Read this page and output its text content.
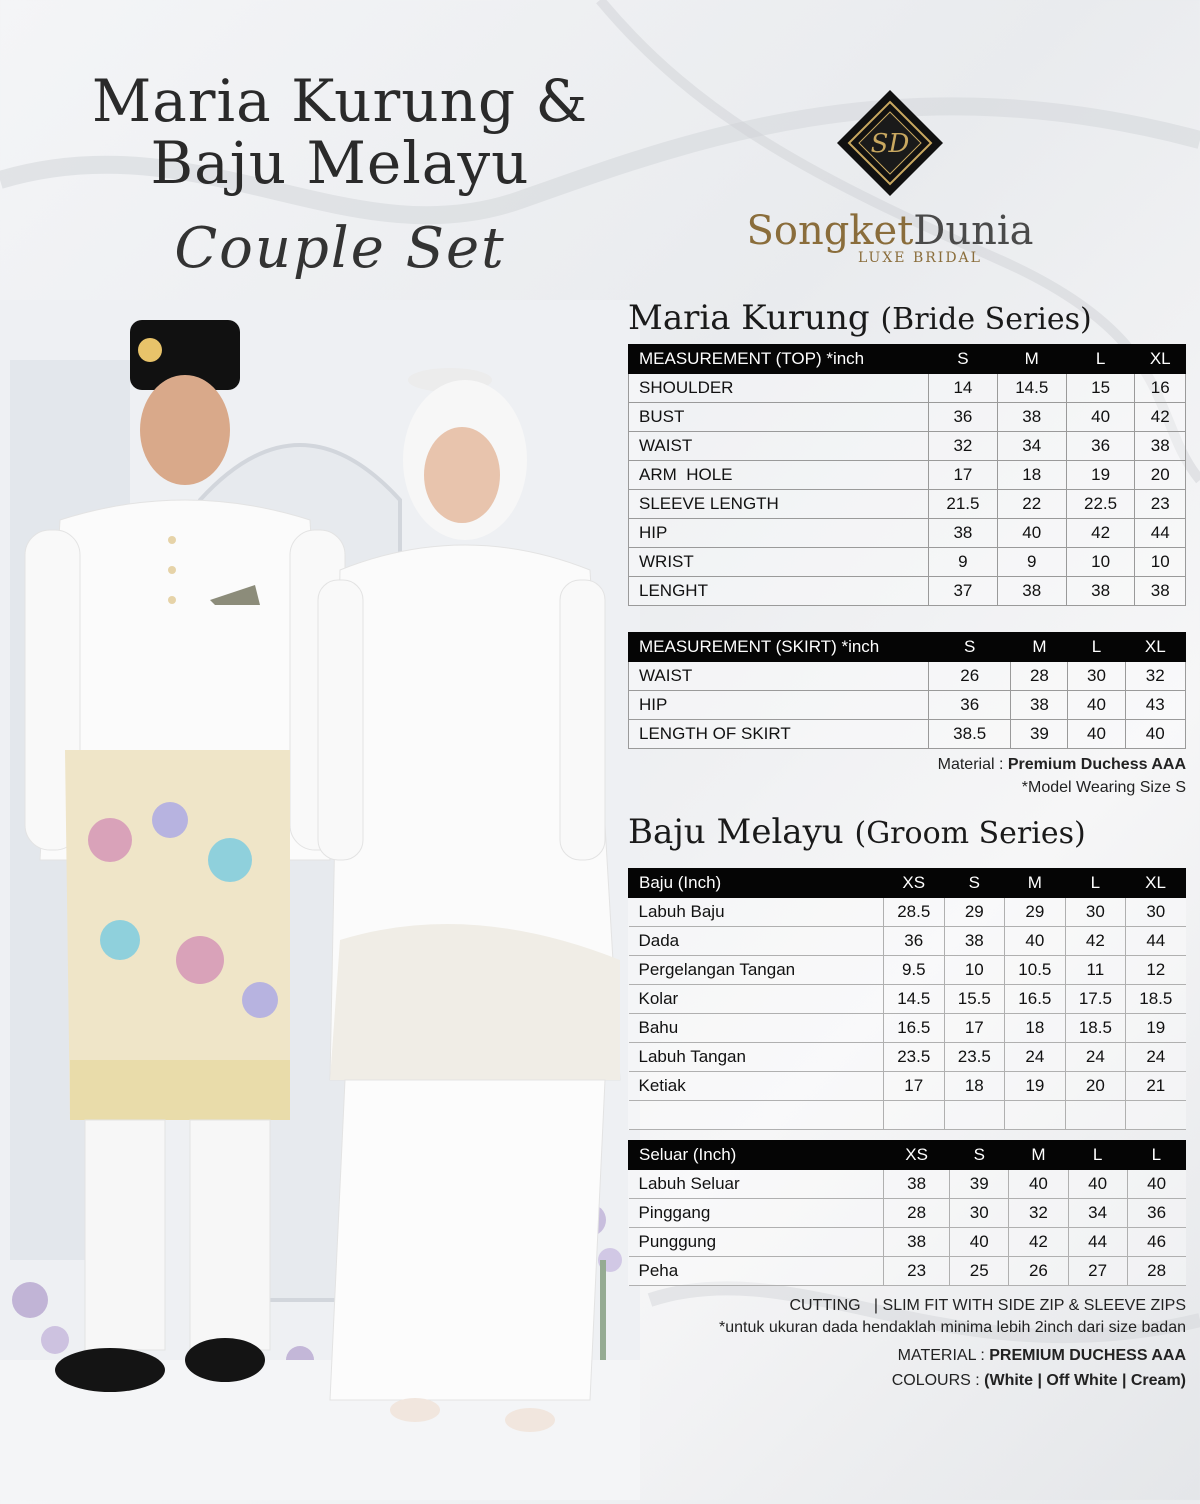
Maria Kurung &
Baju Melayu
Couple Set
SD
SongketDunia
LUXE BRIDAL
Maria Kurung (Bride Series)
MEASUREMENT (TOP) *inch	S	M	L	XL
SHOULDER	14	14.5	15	16
BUST	36	38	40	42
WAIST	32	34	36	38
ARM  HOLE	17	18	19	20
SLEEVE LENGTH	21.5	22	22.5	23
HIP	38	40	42	44
WRIST	9	9	10	10
LENGHT	37	38	38	38
MEASUREMENT (SKIRT) *inch	S	M	L	XL
WAIST	26	28	30	32
HIP	36	38	40	43
LENGTH OF SKIRT	38.5	39	40	40
Material : Premium Duchess AAA
*Model Wearing Size S
Baju Melayu (Groom Series)
Baju (Inch)	XS	S	M	L	XL
Labuh Baju	28.5	29	29	30	30
Dada	36	38	40	42	44
Pergelangan Tangan	9.5	10	10.5	11	12
Kolar	14.5	15.5	16.5	17.5	18.5
Bahu	16.5	17	18	18.5	19
Labuh Tangan	23.5	23.5	24	24	24
Ketiak	17	18	19	20	21

Seluar (Inch)	XS	S	M	L	L
Labuh Seluar	38	39	40	40	40
Pinggang	28	30	32	34	36
Punggung	38	40	42	44	46
Peha	23	25	26	27	28
CUTTING   | SLIM FIT WITH SIDE ZIP & SLEEVE ZIPS
*untuk ukuran dada hendaklah minima lebih 2inch dari size badan
MATERIAL : PREMIUM DUCHESS AAA
COLOURS : (White | Off White | Cream)
